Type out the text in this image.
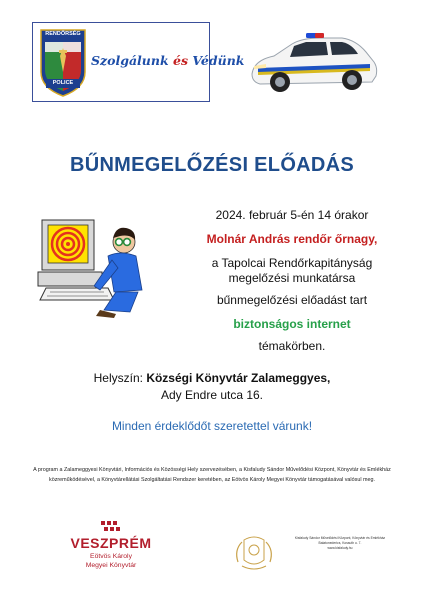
RENDŐRSÉG
POLICE
Szolgálunk és Védünk
BŰNMEGELŐZÉSI ELŐADÁS
2024. február 5-én 14 órakor
Molnár András rendőr őrnagy,
a Tapolcai Rendőrkapitányság
megelőzési munkatársa
bűnmegelőzési előadást tart
biztonságos internet
témakörben.
Helyszín: Községi Könyvtár Zalameggyes,
Ady Endre utca 16.
Minden érdeklődőt szeretettel várunk!
A program a Zalameggyesi Könyvtári, Információs és Közösségi Hely szervezésében, a Kisfaludy Sándor Művelődési Központ, Könyvtár és Emlékház közreműködésével, a Könyvtárellátási Szolgáltatási Rendszer keretében, az Eötvös Károly Megyei Könyvtár támogatásával valósul meg.
VESZPRÉM
Eötvös Károly
Megyei Könyvtár
Kisfaludy Sándor Művelődési Központ, Könyvtár és Emlékház
Balatonederics, Kossuth u. 7.
www.kisfaludy.hu
